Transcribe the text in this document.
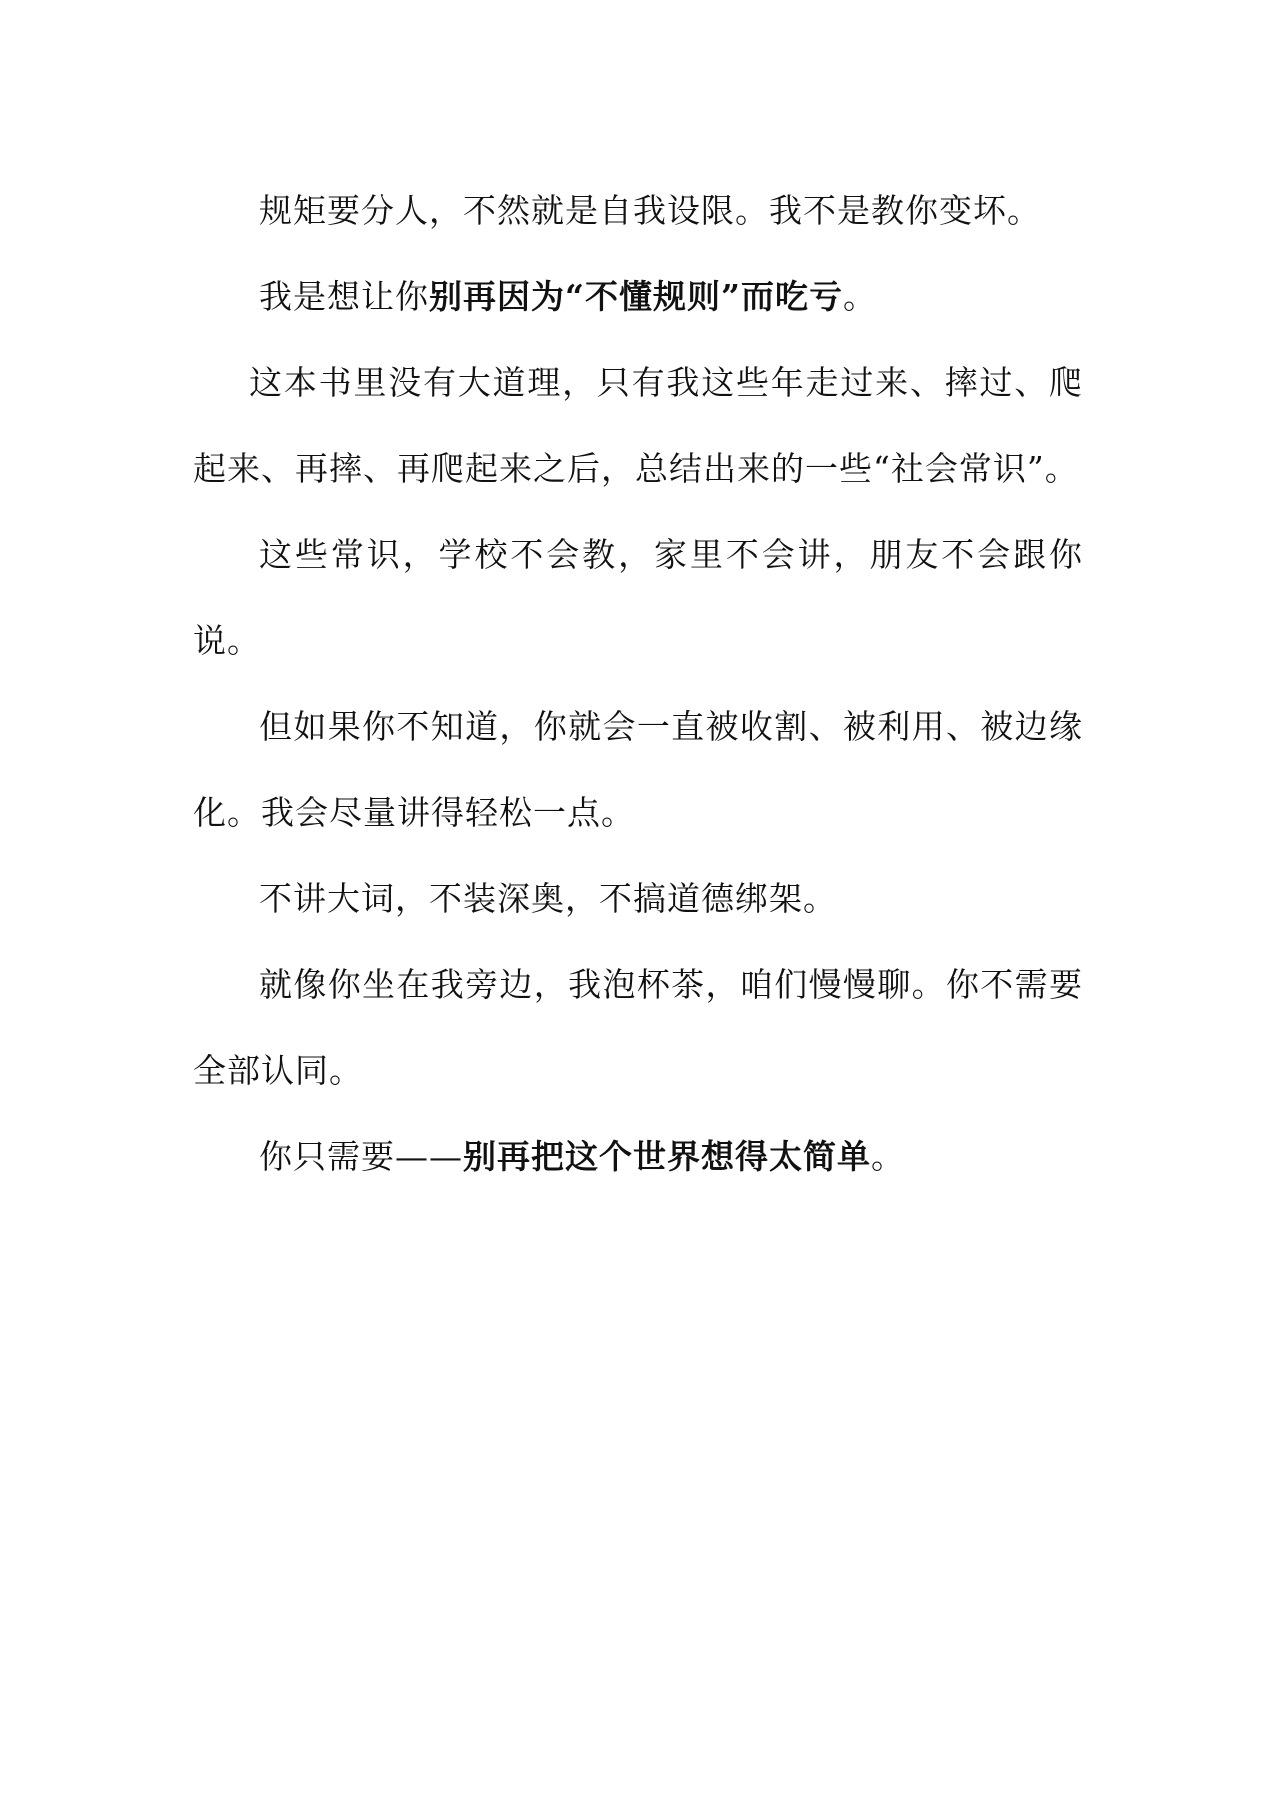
规矩要分人，不然就是自我设限。我不是教你变坏。

我是想让你别再因为“不懂规则”而吃亏。

这本书里没有大道理，只有我这些年走过来、摔过、爬起来、再摔、再爬起来之后，总结出来的一些“社会常识”。

这些常识，学校不会教，家里不会讲，朋友不会跟你说。

但如果你不知道，你就会一直被收割、被利用、被边缘化。我会尽量讲得轻松一点。

不讲大词，不装深奥，不搞道德绑架。

就像你坐在我旁边，我泡杯茶，咱们慢慢聊。你不需要全部认同。

你只需要——别再把这个世界想得太简单。
